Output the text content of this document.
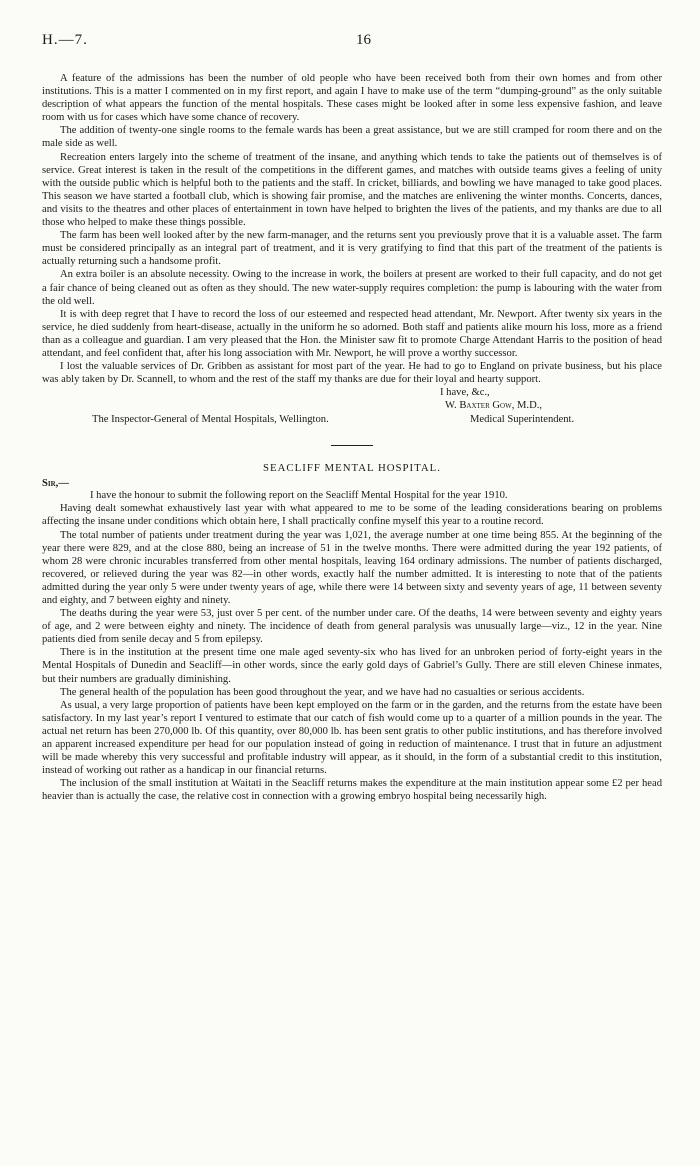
H.—7.	16

A feature of the admissions has been the number of old people who have been received both from their own homes and from other institutions. This is a matter I commented on in my first report, and again I have to make use of the term “dumping-ground” as the only suitable description of what appears the function of the mental hospitals. These cases might be looked after in some less expensive fashion, and leave room with us for cases which have some chance of recovery.

The addition of twenty-one single rooms to the female wards has been a great assistance, but we are still cramped for room there and on the male side as well.

Recreation enters largely into the scheme of treatment of the insane, and anything which tends to take the patients out of themselves is of service. Great interest is taken in the result of the competitions in the different games, and matches with outside teams gives a feeling of unity with the outside public which is helpful both to the patients and the staff. In cricket, billiards, and bowling we have managed to take good places. This season we have started a football club, which is showing fair promise, and the matches are enlivening the winter months. Concerts, dances, and visits to the theatres and other places of entertainment in town have helped to brighten the lives of the patients, and my thanks are due to all those who helped to make these things possible.

The farm has been well looked after by the new farm-manager, and the returns sent you previously prove that it is a valuable asset. The farm must be considered principally as an integral part of treatment, and it is very gratifying to find that this part of the treatment of the patients is actually returning such a handsome profit.

An extra boiler is an absolute necessity. Owing to the increase in work, the boilers at present are worked to their full capacity, and do not get a fair chance of being cleaned out as often as they should. The new water-supply requires completion: the pump is labouring with the water from the old well.

It is with deep regret that I have to record the loss of our esteemed and respected head attendant, Mr. Newport. After twenty six years in the service, he died suddenly from heart-disease, actually in the uniform he so adorned. Both staff and patients alike mourn his loss, more as a friend than as a colleague and guardian. I am very pleased that the Hon. the Minister saw fit to promote Charge Attendant Harris to the position of head attendant, and feel confident that, after his long association with Mr. Newport, he will prove a worthy successor.

I lost the valuable services of Dr. Gribben as assistant for most part of the year. He had to go to England on private business, but his place was ably taken by Dr. Scannell, to whom and the rest of the staff my thanks are due for their loyal and hearty support.

I have, &c.,
W. Baxter Gow, M.D.,
The Inspector-General of Mental Hospitals, Wellington.	Medical Superintendent.
SEACLIFF MENTAL HOSPITAL.
Sir,—

I have the honour to submit the following report on the Seacliff Mental Hospital for the year 1910.

Having dealt somewhat exhaustively last year with what appeared to me to be some of the leading considerations bearing on problems affecting the insane under conditions which obtain here, I shall practically confine myself this year to a routine record.

The total number of patients under treatment during the year was 1,021, the average number at one time being 855. At the beginning of the year there were 829, and at the close 880, being an increase of 51 in the twelve months. There were admitted during the year 192 patients, of whom 28 were chronic incurables transferred from other mental hospitals, leaving 164 ordinary admissions. The number of patients discharged, recovered, or relieved during the year was 82—in other words, exactly half the number admitted. It is interesting to note that of the patients admitted during the year only 5 were under twenty years of age, while there were 14 between sixty and seventy years of age, 11 between seventy and eighty, and 7 between eighty and ninety.

The deaths during the year were 53, just over 5 per cent. of the number under care. Of the deaths, 14 were between seventy and eighty years of age, and 2 were between eighty and ninety. The incidence of death from general paralysis was unusually large—viz., 12 in the year. Nine patients died from senile decay and 5 from epilepsy.

There is in the institution at the present time one male aged seventy-six who has lived for an unbroken period of forty-eight years in the Mental Hospitals of Dunedin and Seacliff—in other words, since the early gold days of Gabriel’s Gully. There are still eleven Chinese inmates, but their numbers are gradually diminishing.

The general health of the population has been good throughout the year, and we have had no casualties or serious accidents.

As usual, a very large proportion of patients have been kept employed on the farm or in the garden, and the returns from the estate have been satisfactory. In my last year’s report I ventured to estimate that our catch of fish would come up to a quarter of a million pounds in the year. The actual net return has been 270,000 lb. Of this quantity, over 80,000 lb. has been sent gratis to other public institutions, and has therefore involved an apparent increased expenditure per head for our population instead of going in reduction of maintenance. I trust that in future an adjustment will be made whereby this very successful and profitable industry will appear, as it should, in the form of a substantial credit to this institution, instead of working out rather as a handicap in our financial returns.

The inclusion of the small institution at Waitati in the Seacliff returns makes the expenditure at the main institution appear some £2 per head heavier than is actually the case, the relative cost in connection with a growing embryo hospital being necessarily high.
